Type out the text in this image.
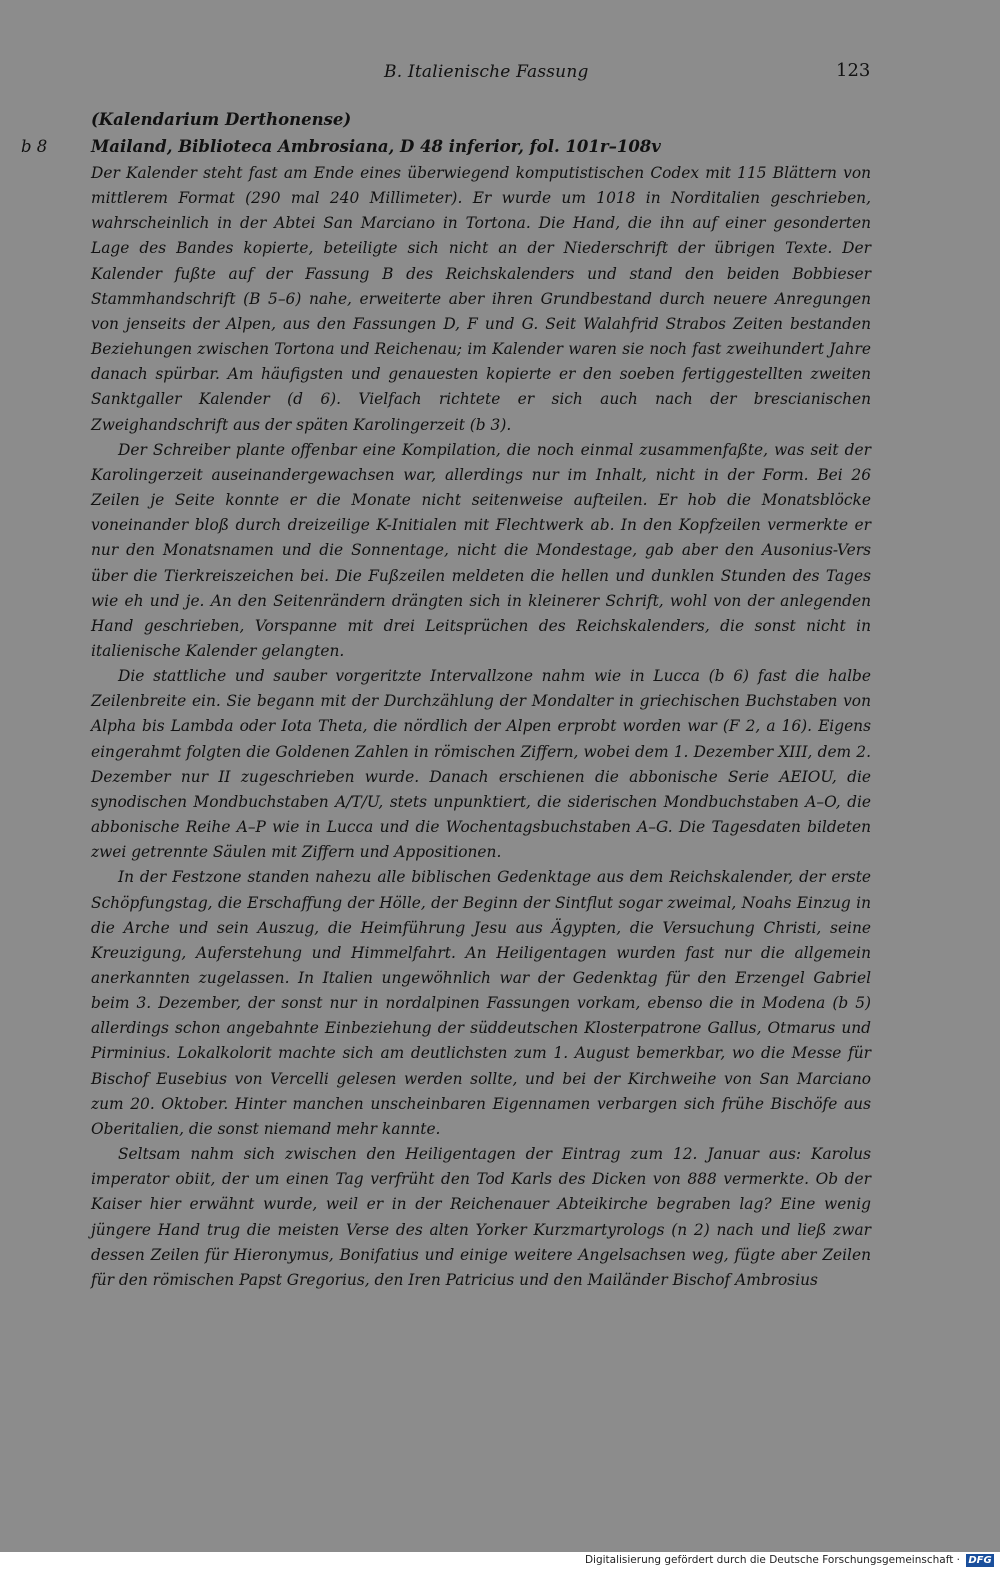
B. Italienische Fassung	123
(Kalendarium Derthonense)
b 8	Mailand, Biblioteca Ambrosiana, D 48 inferior, fol. 101r–108v

Der Kalender steht fast am Ende eines überwiegend komputistischen Codex mit 115 Blättern von mittlerem Format (290 mal 240 Millimeter). Er wurde um 1018 in Norditalien geschrieben, wahrscheinlich in der Abtei San Marciano in Tortona. Die Hand, die ihn auf einer gesonderten Lage des Bandes kopierte, beteiligte sich nicht an der Niederschrift der übrigen Texte. Der Kalender fußte auf der Fassung B des Reichskalenders und stand den beiden Bobbieser Stammhandschrift (B 5–6) nahe, erweiterte aber ihren Grundbestand durch neuere Anregungen von jenseits der Alpen, aus den Fassungen D, F und G. Seit Walahfrid Strabos Zeiten bestanden Beziehungen zwischen Tortona und Reichenau; im Kalender waren sie noch fast zweihundert Jahre danach spürbar. Am häufigsten und genauesten kopierte er den soeben fertiggestellten zweiten Sanktgaller Kalender (d 6). Vielfach richtete er sich auch nach der brescianischen Zweighandschrift aus der späten Karolingerzeit (b 3).

Der Schreiber plante offenbar eine Kompilation, die noch einmal zusammenfaßte, was seit der Karolingerzeit auseinandergewachsen war, allerdings nur im Inhalt, nicht in der Form. Bei 26 Zeilen je Seite konnte er die Monate nicht seitenweise aufteilen. Er hob die Monatsblöcke voneinander bloß durch dreizeilige K-Initialen mit Flechtwerk ab. In den Kopfzeilen vermerkte er nur den Monatsnamen und die Sonnentage, nicht die Mondestage, gab aber den Ausonius-Vers über die Tierkreiszeichen bei. Die Fußzeilen meldeten die hellen und dunklen Stunden des Tages wie eh und je. An den Seitenrändern drängten sich in kleinerer Schrift, wohl von der anlegenden Hand geschrieben, Vorspanne mit drei Leitsprüchen des Reichskalenders, die sonst nicht in italienische Kalender gelangten.

Die stattliche und sauber vorgeritzte Intervallzone nahm wie in Lucca (b 6) fast die halbe Zeilenbreite ein. Sie begann mit der Durchzählung der Mondalter in griechischen Buchstaben von Alpha bis Lambda oder Iota Theta, die nördlich der Alpen erprobt worden war (F 2, a 16). Eigens eingerahmt folgten die Goldenen Zahlen in römischen Ziffern, wobei dem 1. Dezember XIII, dem 2. Dezember nur II zugeschrieben wurde. Danach erschienen die abbonische Serie AEIOU, die synodischen Mondbuchstaben A/T/U, stets unpunktiert, die siderischen Mondbuchstaben A–O, die abbonische Reihe A–P wie in Lucca und die Wochentagsbuchstaben A–G. Die Tagesdaten bildeten zwei getrennte Säulen mit Ziffern und Appositionen.

In der Festzone standen nahezu alle biblischen Gedenktage aus dem Reichskalender, der erste Schöpfungstag, die Erschaffung der Hölle, der Beginn der Sintflut sogar zweimal, Noahs Einzug in die Arche und sein Auszug, die Heimführung Jesu aus Ägypten, die Versuchung Christi, seine Kreuzigung, Auferstehung und Himmelfahrt. An Heiligentagen wurden fast nur die allgemein anerkannten zugelassen. In Italien ungewöhnlich war der Gedenktag für den Erzengel Gabriel beim 3. Dezember, der sonst nur in nordalpinen Fassungen vorkam, ebenso die in Modena (b 5) allerdings schon angebahnte Einbeziehung der süddeutschen Klosterpatrone Gallus, Otmarus und Pirminius. Lokalkolorit machte sich am deutlichsten zum 1. August bemerkbar, wo die Messe für Bischof Eusebius von Vercelli gelesen werden sollte, und bei der Kirchweihe von San Marciano zum 20. Oktober. Hinter manchen unscheinbaren Eigennamen verbargen sich frühe Bischöfe aus Oberitalien, die sonst niemand mehr kannte.

Seltsam nahm sich zwischen den Heiligentagen der Eintrag zum 12. Januar aus: Karolus imperator obiit, der um einen Tag verfrüht den Tod Karls des Dicken von 888 vermerkte. Ob der Kaiser hier erwähnt wurde, weil er in der Reichenauer Abteikirche begraben lag? Eine wenig jüngere Hand trug die meisten Verse des alten Yorker Kurzmartyrologs (n 2) nach und ließ zwar dessen Zeilen für Hieronymus, Bonifatius und einige weitere Angelsachsen weg, fügte aber Zeilen für den römischen Papst Gregorius, den Iren Patricius und den Mailänder Bischof Ambrosius

Digitalisierung gefördert durch die Deutsche Forschungsgemeinschaft · DFG
